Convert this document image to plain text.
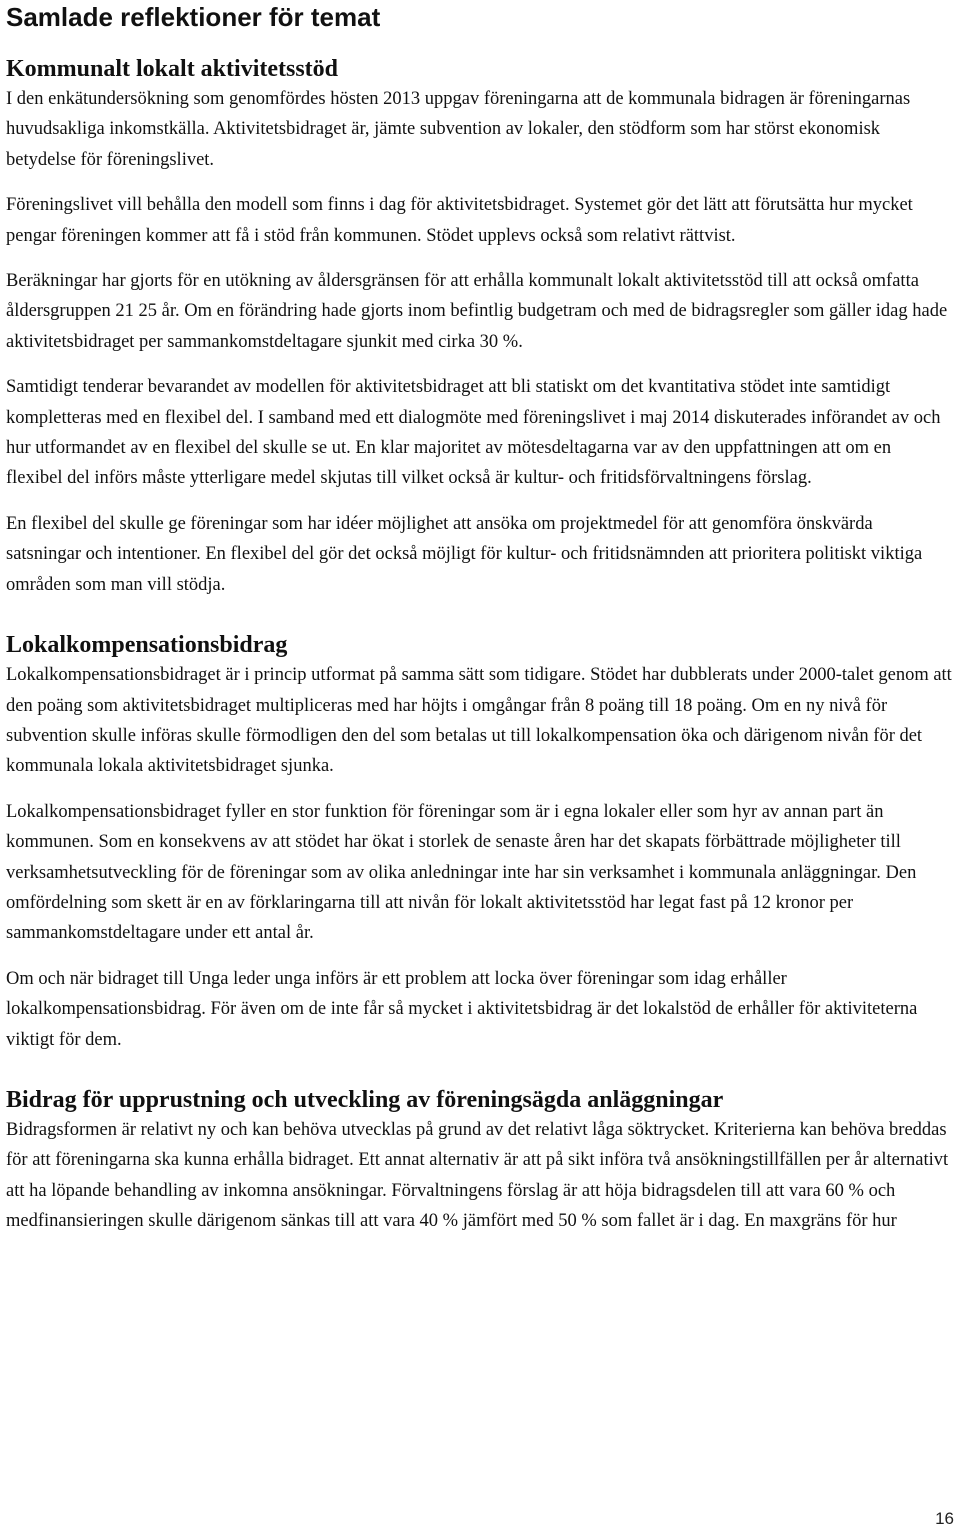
Samlade reflektioner för temat
Kommunalt lokalt aktivitetsstöd

I den enkätundersökning som genomfördes hösten 2013 uppgav föreningarna att de kommunala bidragen är föreningarnas huvudsakliga inkomstkälla. Aktivitetsbidraget är, jämte subvention av lokaler, den stödform som har störst ekonomisk betydelse för föreningslivet.

Föreningslivet vill behålla den modell som finns i dag för aktivitetsbidraget. Systemet gör det lätt att förutsätta hur mycket pengar föreningen kommer att få i stöd från kommunen. Stödet upplevs också som relativt rättvist.

Beräkningar har gjorts för en utökning av åldersgränsen för att erhålla kommunalt lokalt aktivitetsstöd till att också omfatta åldersgruppen 21 25 år. Om en förändring hade gjorts inom befintlig budgetram och med de bidragsregler som gäller idag hade aktivitetsbidraget per sammankomstdeltagare sjunkit med cirka 30 %.

Samtidigt tenderar bevarandet av modellen för aktivitetsbidraget att bli statiskt om det kvantitativa stödet inte samtidigt kompletteras med en flexibel del. I samband med ett dialogmöte med föreningslivet i maj 2014 diskuterades införandet av och hur utformandet av en flexibel del skulle se ut. En klar majoritet av mötesdeltagarna var av den uppfattningen att om en flexibel del införs måste ytterligare medel skjutas till vilket också är kultur- och fritidsförvaltningens förslag.

En flexibel del skulle ge föreningar som har idéer möjlighet att ansöka om projektmedel för att genomföra önskvärda satsningar och intentioner. En flexibel del gör det också möjligt för kultur- och fritidsnämnden att prioritera politiskt viktiga områden som man vill stödja.

Lokalkompensationsbidrag

Lokalkompensationsbidraget är i princip utformat på samma sätt som tidigare. Stödet har dubblerats under 2000-talet genom att den poäng som aktivitetsbidraget multipliceras med har höjts i omgångar från 8 poäng till 18 poäng. Om en ny nivå för subvention skulle införas skulle förmodligen den del som betalas ut till lokalkompensation öka och därigenom nivån för det kommunala lokala aktivitetsbidraget sjunka.

Lokalkompensationsbidraget fyller en stor funktion för föreningar som är i egna lokaler eller som hyr av annan part än kommunen. Som en konsekvens av att stödet har ökat i storlek de senaste åren har det skapats förbättrade möjligheter till verksamhetsutveckling för de föreningar som av olika anledningar inte har sin verksamhet i kommunala anläggningar. Den omfördelning som skett är en av förklaringarna till att nivån för lokalt aktivitetsstöd har legat fast på 12 kronor per sammankomstdeltagare under ett antal år.

Om och när bidraget till Unga leder unga införs är ett problem att locka över föreningar som idag erhåller lokalkompensationsbidrag. För även om de inte får så mycket i aktivitetsbidrag är det lokalstöd de erhåller för aktiviteterna viktigt för dem.

Bidrag för upprustning och utveckling av föreningsägda anläggningar

Bidragsformen är relativt ny och kan behöva utvecklas på grund av det relativt låga söktrycket. Kriterierna kan behöva breddas för att föreningarna ska kunna erhålla bidraget. Ett annat alternativ är att på sikt införa två ansökningstillfällen per år alternativt att ha löpande behandling av inkomna ansökningar. Förvaltningens förslag är att höja bidragsdelen till att vara 60 % och medfinansieringen skulle därigenom sänkas till att vara 40 % jämfört med 50 % som fallet är i dag. En maxgräns för hur

16
